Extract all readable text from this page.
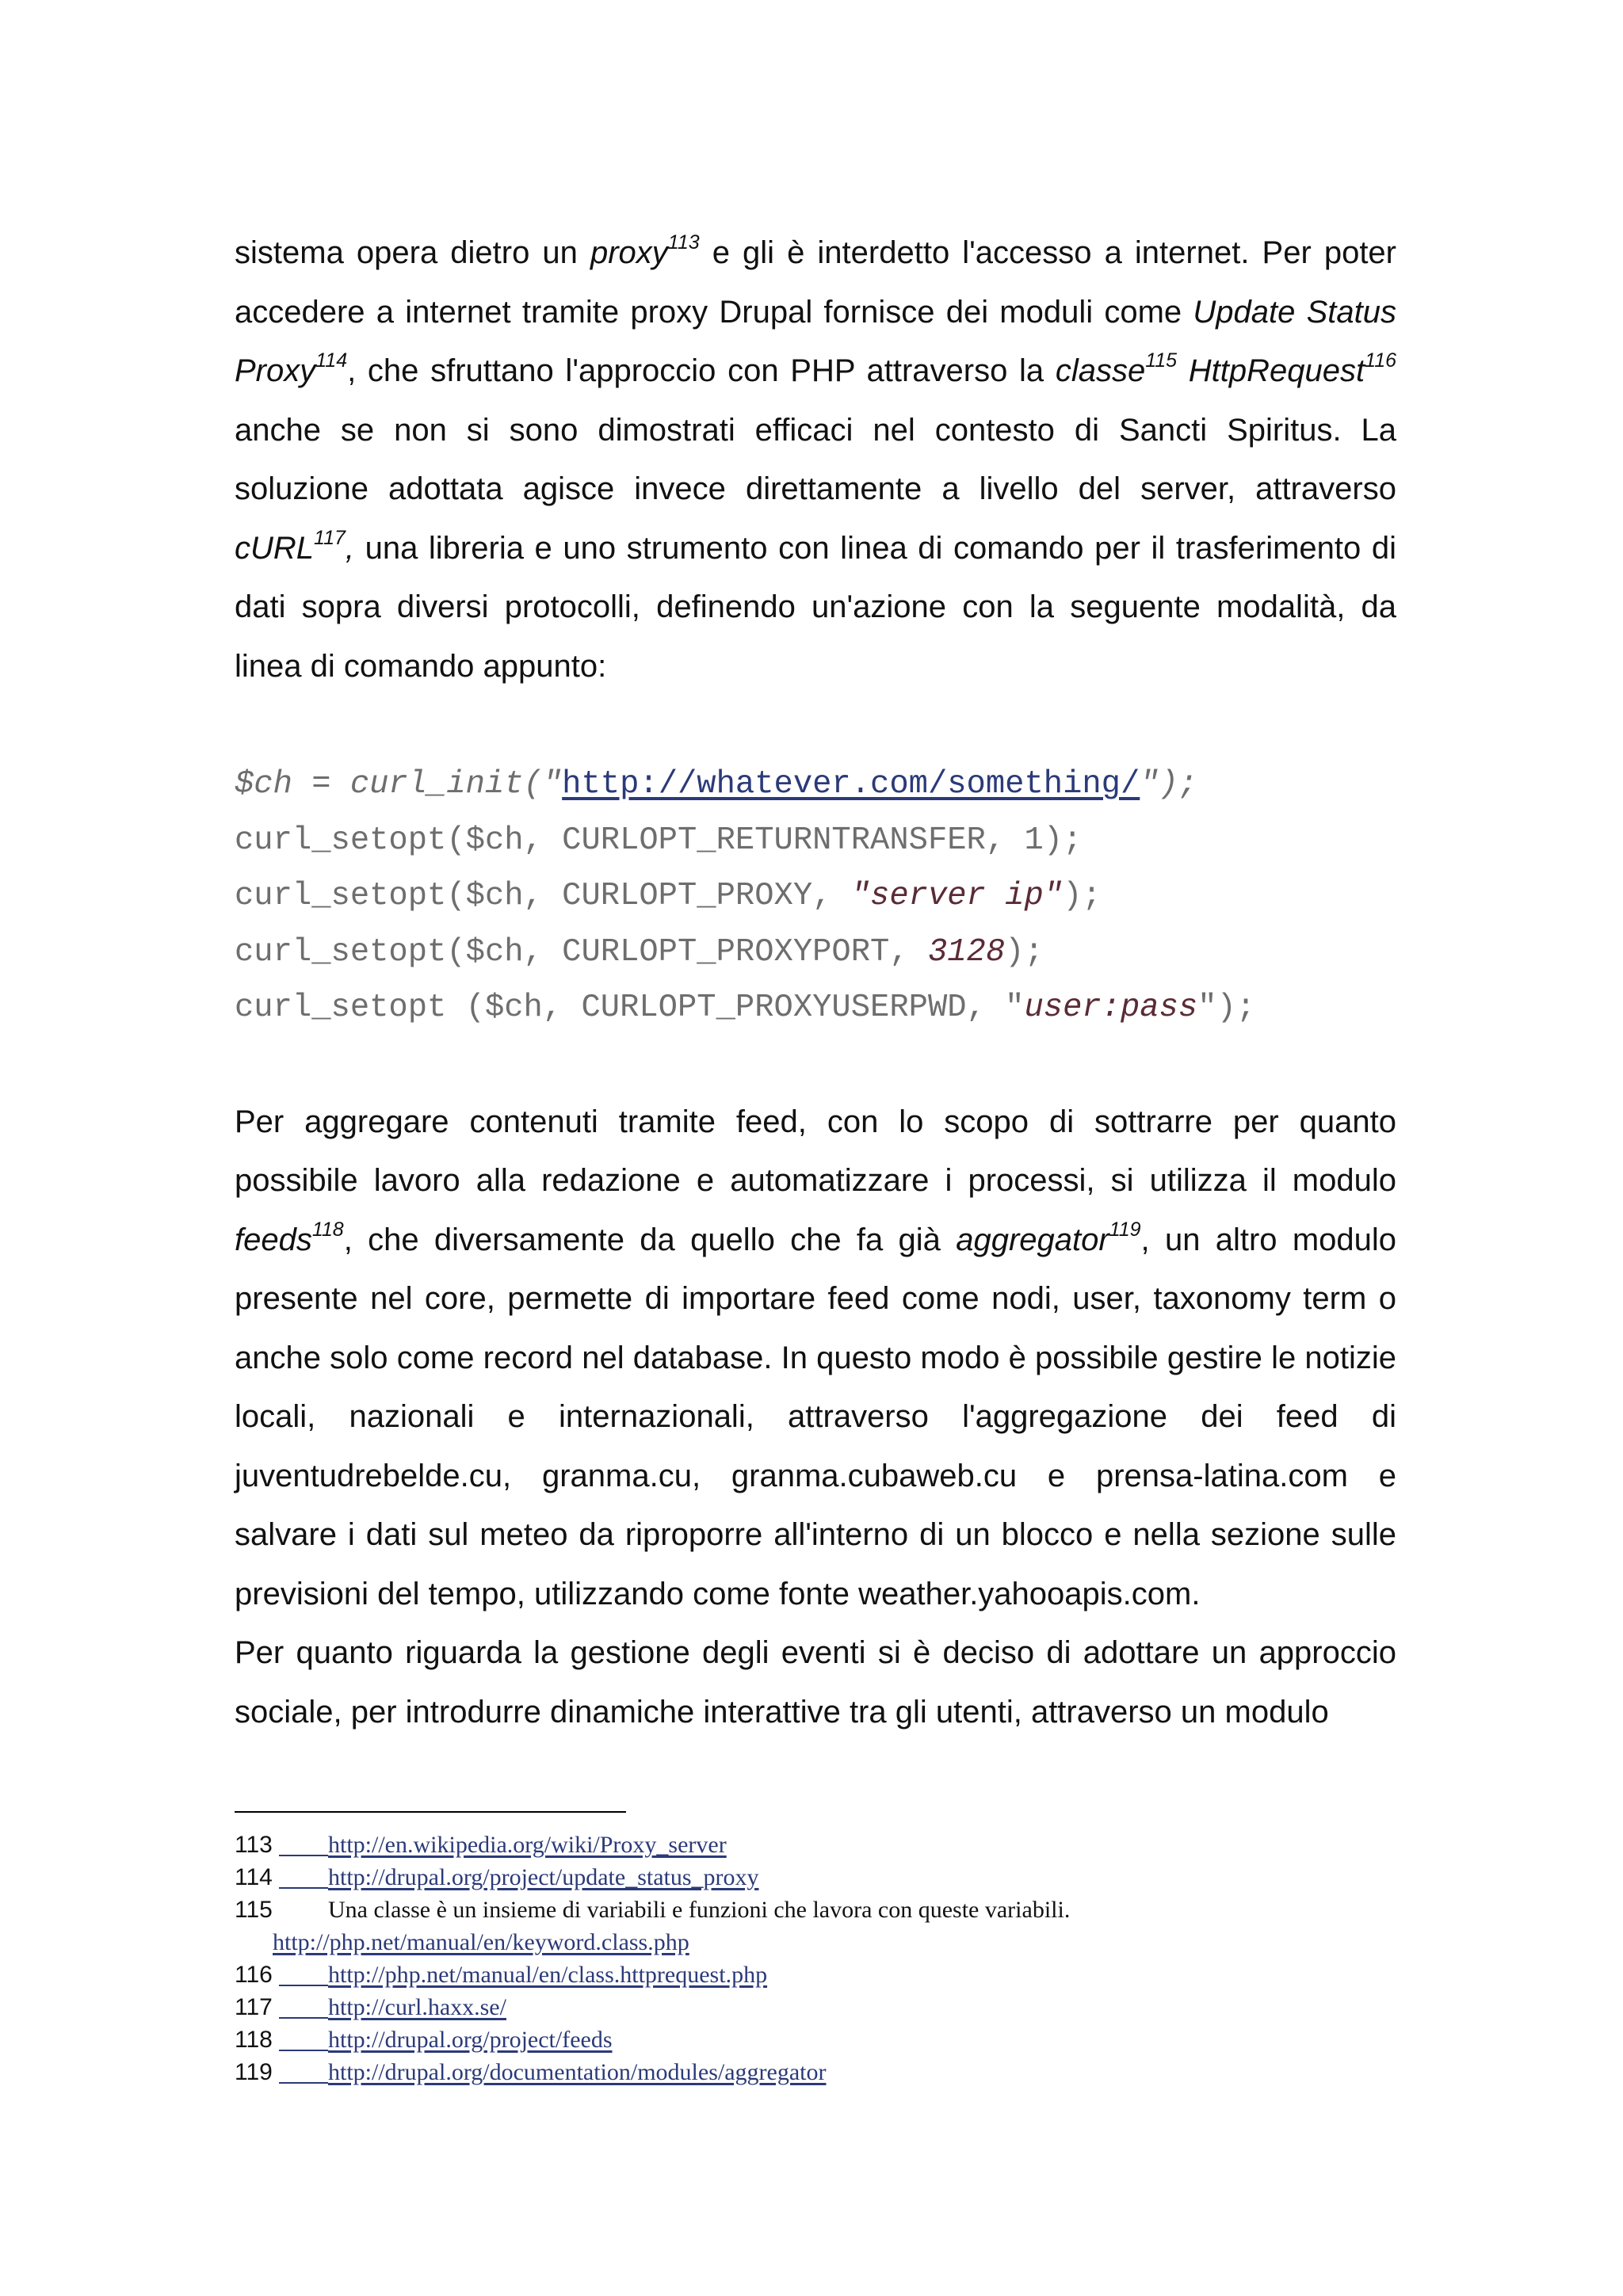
sistema opera dietro un proxy$^{113}$ e gli è interdetto l'accesso a internet. Per poter accedere a internet tramite proxy Drupal fornisce dei moduli come Update Status Proxy$^{114}$, che sfruttano l'approccio con PHP attraverso la classe$^{115}$ HttpRequest$^{116}$ anche se non si sono dimostrati efficaci nel contesto di Sancti Spiritus. La soluzione adottata agisce invece direttamente a livello del server, attraverso cURL$^{117}$, una libreria e uno strumento con linea di comando per il trasferimento di dati sopra diversi protocolli, definendo un'azione con la seguente modalità, da linea di comando appunto:

$ch = curl_init("http://whatever.com/something/");
curl_setopt($ch, CURLOPT_RETURNTRANSFER, 1);
curl_setopt($ch, CURLOPT_PROXY, "server ip");
curl_setopt($ch, CURLOPT_PROXYPORT, 3128);
curl_setopt ($ch, CURLOPT_PROXYUSERPWD, "user:pass");

Per aggregare contenuti tramite feed, con lo scopo di sottrarre per quanto possibile lavoro alla redazione e automatizzare i processi, si utilizza il modulo feeds$^{118}$, che diversamente da quello che fa già aggregator$^{119}$, un altro modulo presente nel core, permette di importare feed come nodi, user, taxonomy term o anche solo come record nel database. In questo modo è possibile gestire le notizie locali, nazionali e internazionali, attraverso l'aggregazione dei feed di juventudrebelde.cu, granma.cu, granma.cubaweb.cu e prensa-latina.com e salvare i dati sul meteo da riproporre all'interno di un blocco e nella sezione sulle previsioni del tempo, utilizzando come fonte weather.yahooapis.com.

Per quanto riguarda la gestione degli eventi si è deciso di adottare un approccio sociale, per introdurre dinamiche interattive tra gli utenti, attraverso un modulo

113 http://en.wikipedia.org/wiki/Proxy_server
114 http://drupal.org/project/update_status_proxy
115	Una classe è un insieme di variabili e funzioni che lavora con queste variabili.
http://php.net/manual/en/keyword.class.php
116 http://php.net/manual/en/class.httprequest.php
117 http://curl.haxx.se/
118 http://drupal.org/project/feeds
119 http://drupal.org/documentation/modules/aggregator
